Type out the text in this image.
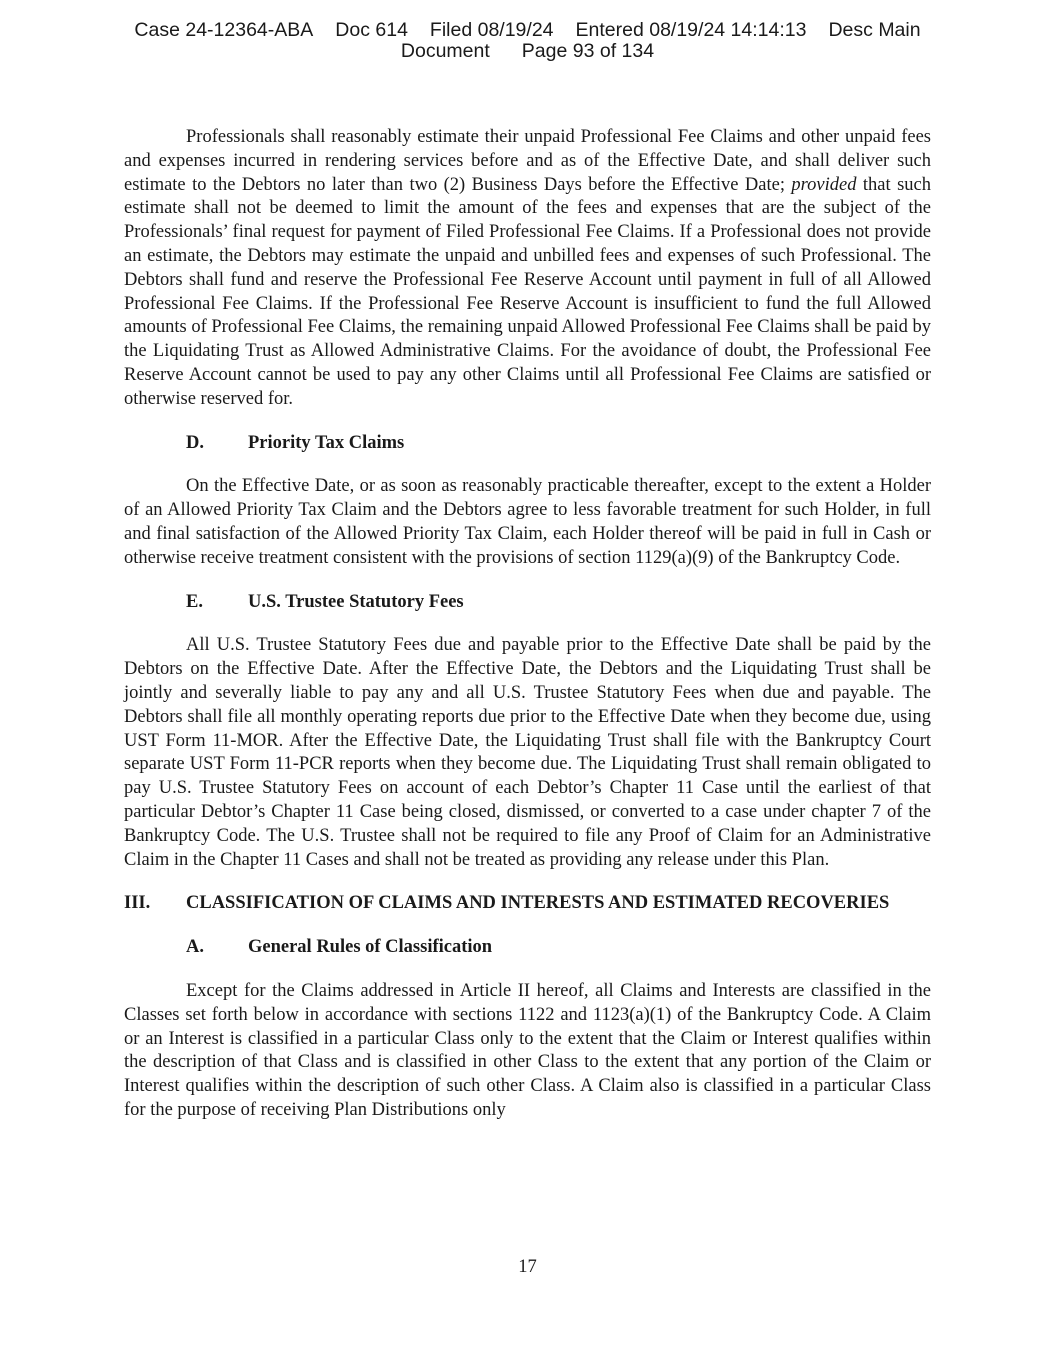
Case 24-12364-ABA Doc 614 Filed 08/19/24 Entered 08/19/24 14:14:13 Desc Main
Document Page 93 of 134

Professionals shall reasonably estimate their unpaid Professional Fee Claims and other unpaid fees and expenses incurred in rendering services before and as of the Effective Date, and shall deliver such estimate to the Debtors no later than two (2) Business Days before the Effective Date; provided that such estimate shall not be deemed to limit the amount of the fees and expenses that are the subject of the Professionals’ final request for payment of Filed Professional Fee Claims. If a Professional does not provide an estimate, the Debtors may estimate the unpaid and unbilled fees and expenses of such Professional. The Debtors shall fund and reserve the Professional Fee Reserve Account until payment in full of all Allowed Professional Fee Claims. If the Professional Fee Reserve Account is insufficient to fund the full Allowed amounts of Professional Fee Claims, the remaining unpaid Allowed Professional Fee Claims shall be paid by the Liquidating Trust as Allowed Administrative Claims. For the avoidance of doubt, the Professional Fee Reserve Account cannot be used to pay any other Claims until all Professional Fee Claims are satisfied or otherwise reserved for.

D.	Priority Tax Claims

On the Effective Date, or as soon as reasonably practicable thereafter, except to the extent a Holder of an Allowed Priority Tax Claim and the Debtors agree to less favorable treatment for such Holder, in full and final satisfaction of the Allowed Priority Tax Claim, each Holder thereof will be paid in full in Cash or otherwise receive treatment consistent with the provisions of section 1129(a)(9) of the Bankruptcy Code.

E.	U.S. Trustee Statutory Fees

All U.S. Trustee Statutory Fees due and payable prior to the Effective Date shall be paid by the Debtors on the Effective Date. After the Effective Date, the Debtors and the Liquidating Trust shall be jointly and severally liable to pay any and all U.S. Trustee Statutory Fees when due and payable. The Debtors shall file all monthly operating reports due prior to the Effective Date when they become due, using UST Form 11-MOR. After the Effective Date, the Liquidating Trust shall file with the Bankruptcy Court separate UST Form 11-PCR reports when they become due. The Liquidating Trust shall remain obligated to pay U.S. Trustee Statutory Fees on account of each Debtor’s Chapter 11 Case until the earliest of that particular Debtor’s Chapter 11 Case being closed, dismissed, or converted to a case under chapter 7 of the Bankruptcy Code. The U.S. Trustee shall not be required to file any Proof of Claim for an Administrative Claim in the Chapter 11 Cases and shall not be treated as providing any release under this Plan.

III.	CLASSIFICATION OF CLAIMS AND INTERESTS AND ESTIMATED RECOVERIES
A.	General Rules of Classification

Except for the Claims addressed in Article II hereof, all Claims and Interests are classified in the Classes set forth below in accordance with sections 1122 and 1123(a)(1) of the Bankruptcy Code. A Claim or an Interest is classified in a particular Class only to the extent that the Claim or Interest qualifies within the description of that Class and is classified in other Class to the extent that any portion of the Claim or Interest qualifies within the description of such other Class. A Claim also is classified in a particular Class for the purpose of receiving Plan Distributions only

17
